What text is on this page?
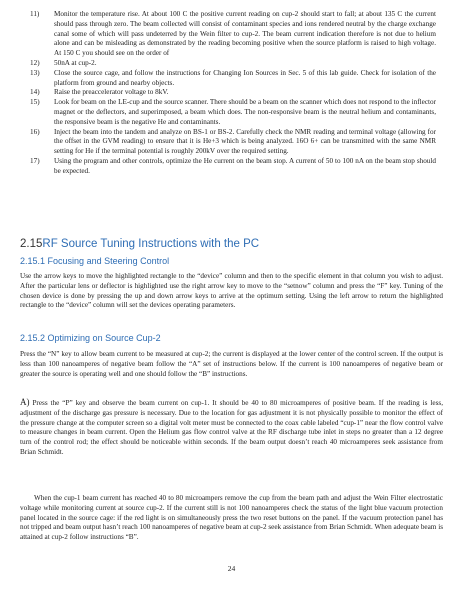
11) Monitor the temperature rise. At about 100 C the positive current reading on cup-2 should start to fall; at about 135 C the current should pass through zero. The beam collected will consist of contaminant species and ions rendered neutral by the charge exchange canal some of which will pass undeterred by the Wein filter to cup-2. The beam current indication therefore is not due to helium alone and can be misleading as demonstrated by the reading becoming positive when the source platform is raised to high voltage. At 150 C you should see on the order of
12) 50nA at cup-2.
13) Close the source cage, and follow the instructions for Changing Ion Sources in Sec. 5 of this lab guide. Check for isolation of the platform from ground and nearby objects.
14) Raise the preaccelerator voltage to 8kV.
15) Look for beam on the LE-cup and the source scanner. There should be a beam on the scanner which does not respond to the inflector magnet or the deflectors, and superimposed, a beam which does. The non-responsive beam is the neutral helium and contaminants, the responsive beam is the negative He and contaminants.
16) Inject the beam into the tandem and analyze on BS-1 or BS-2. Carefully check the NMR reading and terminal voltage (allowing for the offset in the GVM reading) to ensure that it is He+3 which is being analyzed. 16O 6+ can be transmitted with the same NMR setting for He if the terminal potential is roughly 200kV over the required setting.
17) Using the program and other controls, optimize the He current on the beam stop. A current of 50 to 100 nA on the beam stop should be expected.
2.15RF Source Tuning Instructions with the PC
2.15.1 Focusing and Steering Control

Use the arrow keys to move the highlighted rectangle to the “device” column and then to the specific element in that column you wish to adjust. After the particular lens or deflector is highlighted use the right arrow key to move to the “setnow” column and press the “F” key. Tuning of the chosen device is done by pressing the up and down arrow keys to arrive at the optimum setting. Using the left arrow to return the highlighted rectangle to the “device” column will set the devices operating parameters.

2.15.2 Optimizing on Source Cup-2

Press the “N” key to allow beam current to be measured at cup-2; the current is displayed at the lower center of the control screen. If the output is less than 100 nanoamperes of negative beam follow the “A” set of instructions below. If the current is 100 nanoamperes of negative beam or greater the source is operating well and one should follow the “B” instructions.

A) Press the “P” key and observe the beam current on cup-1. It should be 40 to 80 microamperes of positive beam. If the reading is less, adjustment of the discharge gas pressure is necessary. Due to the location for gas adjustment it is not physically possible to monitor the effect of the pressure change at the computer screen so a digital volt meter must be connected to the coax cable labeled “cup-1” near the flow control valve to measure changes in beam current. Open the Helium gas flow control valve at the RF discharge tube inlet in steps no greater than a 12 degree turn of the control rod; the effect should be noticeable within seconds. If the beam output doesn’t reach 40 microamperes seek assistance from Brian Schmidt.

When the cup-1 beam current has reached 40 to 80 microampers remove the cup from the beam path and adjust the Wein Filter electrostatic voltage while monitoring current at source cup-2. If the current still is not 100 nanoamperes check the status of the light blue vacuum protection panel located in the source cage: if the red light is on simultaneously press the two reset buttons on the panel. If the vacuum protection panel has not tripped and beam output hasn’t reach 100 nanoamperes of negative beam at cup-2 seek assistance from Brian Schmidt. When adequate beam is attained at cup-2 follow instructions “B”.

24
